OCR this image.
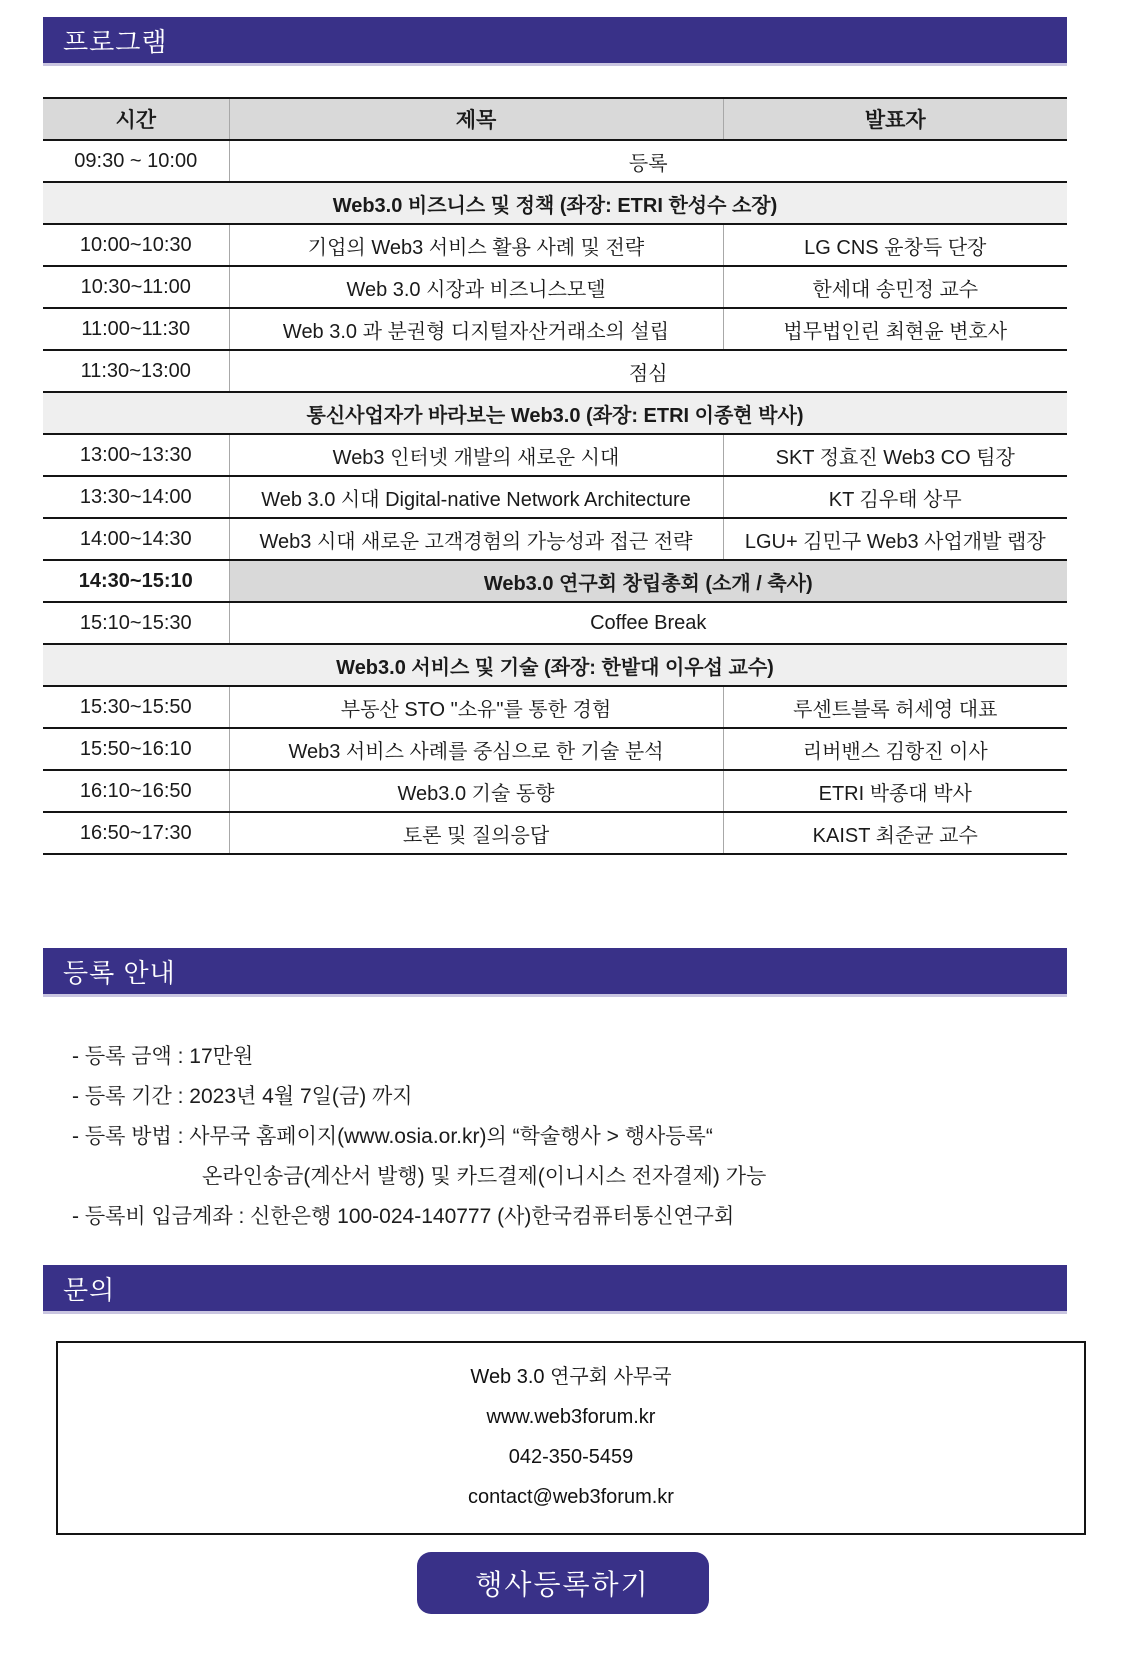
프로그램
시간	제목	발표자
09:30 ~ 10:00	등록	
Web3.0 비즈니스 및 정책 (좌장: ETRI 한성수 소장)		
10:00~10:30	기업의 Web3 서비스 활용 사례 및 전략	LG CNS 윤창득 단장
10:30~11:00	Web 3.0 시장과 비즈니스모델	한세대 송민정 교수
11:00~11:30	Web 3.0 과 분권형 디지털자산거래소의 설립	법무법인린 최현윤 변호사
11:30~13:00	점심	
통신사업자가 바라보는 Web3.0 (좌장: ETRI 이종현 박사)		
13:00~13:30	Web3 인터넷 개발의 새로운 시대	SKT 정효진 Web3 CO 팀장
13:30~14:00	Web 3.0 시대 Digital-native Network Architecture	KT 김우태 상무
14:00~14:30	Web3 시대 새로운 고객경험의 가능성과 접근 전략	LGU+ 김민구 Web3 사업개발 랩장
14:30~15:10	Web3.0 연구회 창립총회 (소개 / 축사)	
15:10~15:30	Coffee Break	
Web3.0 서비스 및 기술 (좌장: 한밭대 이우섭 교수)		
15:30~15:50	부동산 STO "소유"를 통한 경험	루센트블록 허세영 대표
15:50~16:10	Web3 서비스 사례를 중심으로 한 기술 분석	리버밴스 김항진 이사
16:10~16:50	Web3.0 기술 동향	ETRI 박종대 박사
16:50~17:30	토론 및 질의응답	KAIST 최준균 교수
등록 안내
- 등록 금액 : 17만원
- 등록 기간 : 2023년 4월 7일(금) 까지
- 등록 방법 : 사무국 홈페이지(www.osia.or.kr)의 “학술행사 > 행사등록“
온라인송금(계산서 발행) 및 카드결제(이니시스 전자결제) 가능
- 등록비 입금계좌 : 신한은행 100-024-140777 (사)한국컴퓨터통신연구회
문의
Web 3.0 연구회 사무국
www.web3forum.kr
042-350-5459
contact@web3forum.kr
행사등록하기
